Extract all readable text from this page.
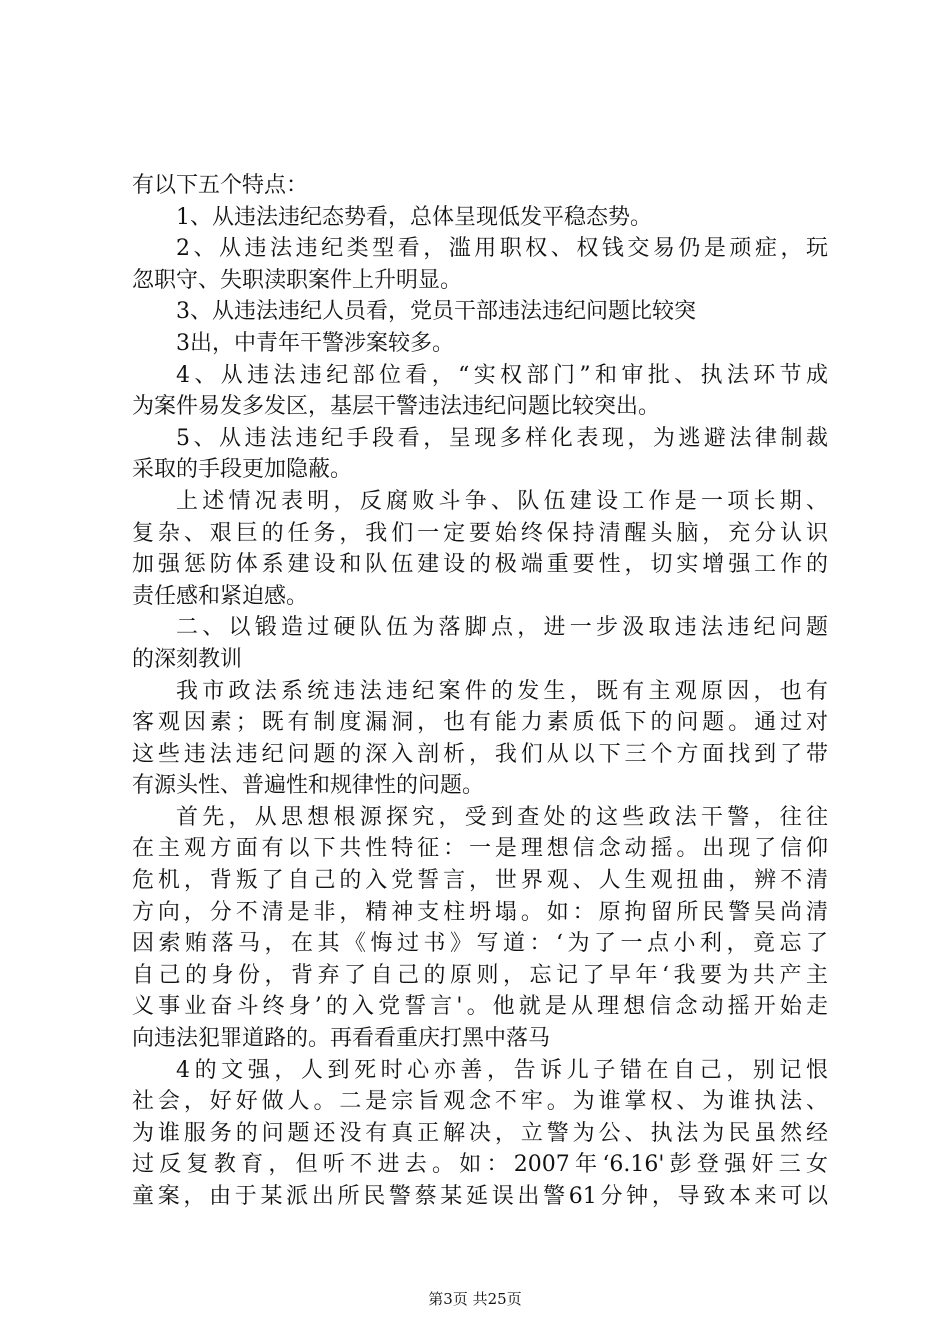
有以下五个特点：
1、从违法违纪态势看，总体呈现低发平稳态势。
2、从违法违纪类型看，滥用职权、权钱交易仍是顽症，玩
忽职守、失职渎职案件上升明显。
3、从违法违纪人员看，党员干部违法违纪问题比较突
3出，中青年干警涉案较多。
4、从违法违纪部位看，“实权部门”和审批、执法环节成
为案件易发多发区，基层干警违法违纪问题比较突出。
5、从违法违纪手段看，呈现多样化表现，为逃避法律制裁
采取的手段更加隐蔽。
上述情况表明，反腐败斗争、队伍建设工作是一项长期、
复杂、艰巨的任务，我们一定要始终保持清醒头脑，充分认识
加强惩防体系建设和队伍建设的极端重要性，切实增强工作的
责任感和紧迫感。
二、以锻造过硬队伍为落脚点，进一步汲取违法违纪问题
的深刻教训
我市政法系统违法违纪案件的发生，既有主观原因，也有
客观因素；既有制度漏洞，也有能力素质低下的问题。通过对
这些违法违纪问题的深入剖析，我们从以下三个方面找到了带
有源头性、普遍性和规律性的问题。
首先，从思想根源探究，受到查处的这些政法干警，往往
在主观方面有以下共性特征：一是理想信念动摇。出现了信仰
危机，背叛了自己的入党誓言，世界观、人生观扭曲，辨不清
方向，分不清是非，精神支柱坍塌。如：原拘留所民警吴尚清
因索贿落马，在其《悔过书》写道：‘为了一点小利，竟忘了
自己的身份，背弃了自己的原则，忘记了早年‘我要为共产主
义事业奋斗终身’的入党誓言'。他就是从理想信念动摇开始走
向违法犯罪道路的。再看看重庆打黑中落马
4的文强，人到死时心亦善，告诉儿子错在自己，别记恨
社会，好好做人。二是宗旨观念不牢。为谁掌权、为谁执法、
为谁服务的问题还没有真正解决，立警为公、执法为民虽然经
过反复教育，但听不进去。如：2007年‘6.16'彭登强奸三女
童案，由于某派出所民警蔡某延误出警61分钟，导致本来可以
第3页 共25页
